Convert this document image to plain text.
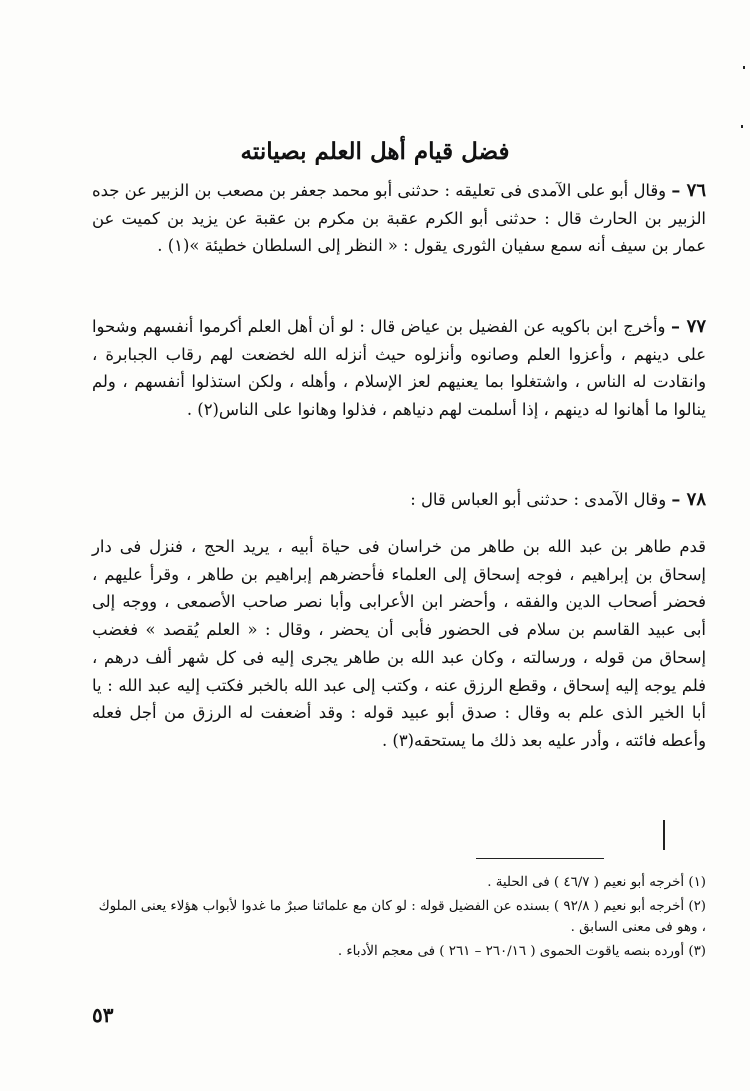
فضل قيام أهل العلم بصيانته

٧٦ – وقال أبو على الآمدى فى تعليقه : حدثنى أبو محمد جعفر بن مصعب بن الزبير عن جده الزبير بن الحارث قال : حدثنى أبو الكرم عقبة بن مكرم بن عقبة عن يزيد بن كميت عن عمار بن سيف أنه سمع سفيان الثورى يقول : « النظر إلى السلطان خطيئة »(١) .

٧٧ – وأخرج ابن باكويه عن الفضيل بن عياض قال : لو أن أهل العلم أكرموا أنفسهم وشحوا على دينهم ، وأعزوا العلم وصانوه وأنزلوه حيث أنزله الله لخضعت لهم رقاب الجبابرة ، وانقادت له الناس ، واشتغلوا بما يعنيهم لعز الإسلام ، وأهله ، ولكن استذلوا أنفسهم ، ولم ينالوا ما أهانوا له دينهم ، إذا أسلمت لهم دنياهم ، فذلوا وهانوا على الناس(٢) .

٧٨ – وقال الآمدى : حدثنى أبو العباس قال :

قدم طاهر بن عبد الله بن طاهر من خراسان فى حياة أبيه ، يريد الحج ، فنزل فى دار إسحاق بن إبراهيم ، فوجه إسحاق إلى العلماء فأحضرهم إبراهيم بن طاهر ، وقرأ عليهم ، فحضر أصحاب الدين والفقه ، وأحضر ابن الأعرابى وأبا نصر صاحب الأصمعى ، ووجه إلى أبى عبيد القاسم بن سلام فى الحضور فأبى أن يحضر ، وقال : « العلم يُقصد » فغضب إسحاق من قوله ، ورسالته ، وكان عبد الله بن طاهر يجرى إليه فى كل شهر ألف درهم ، فلم يوجه إليه إسحاق ، وقطع الرزق عنه ، وكتب إلى عبد الله بالخبر فكتب إليه عبد الله : يا أبا الخير الذى علم به وقال : صدق أبو عبيد قوله : وقد أضعفت له الرزق من أجل فعله وأعطه فائته ، وأدر عليه بعد ذلك ما يستحقه(٣) .

(١) أخرجه أبو نعيم ( ٤٦/٧ ) فى الحلية .

(٢) أخرجه أبو نعيم ( ٩٢/٨ ) بسنده عن الفضيل قوله : لو كان مع علمائنا صبرٌ ما غدوا لأبواب هؤلاء يعنى الملوك ، وهو فى معنى السابق .

(٣) أورده بنصه ياقوت الحموى ( ٢٦٠/١٦ – ٢٦١ ) فى معجم الأدباء .

٥٣
